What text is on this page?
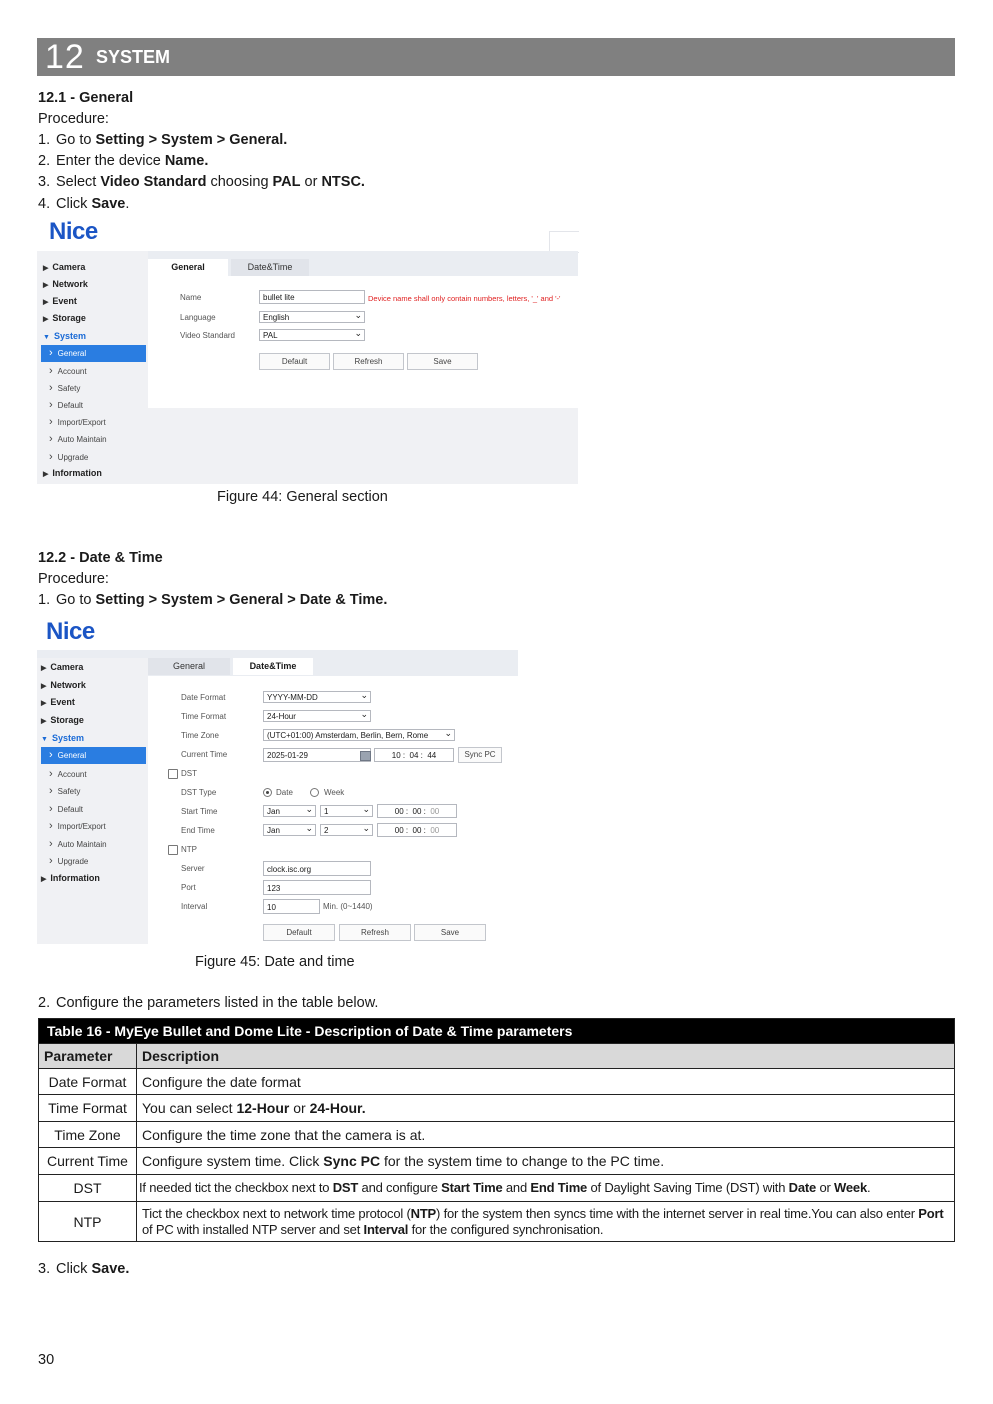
12 SYSTEM
12.1 - General
Procedure:
1. Go to Setting > System > General.
2. Enter the device Name.
3. Select Video Standard choosing PAL or NTSC.
4. Click Save.
Nice
▶ Camera
▶ Network
▶ Event
▶ Storage
▼ System
› General
› Account
› Safety
› Default
› Import/Export
› Auto Maintain
› Upgrade
▶ Information
General	Date&Time
Name	bullet lite	Device name shall only contain numbers, letters, '_' and '-'
Language	English ⌄
Video Standard	PAL ⌄
Default	Refresh	Save
Figure 44: General section
12.2 - Date & Time
Procedure:
1. Go to Setting > System > General > Date & Time.
Nice
▶ Camera
▶ Network
▶ Event
▶ Storage
▼ System
› General
› Account
› Safety
› Default
› Import/Export
› Auto Maintain
› Upgrade
▶ Information
General	Date&Time
Date Format	YYYY-MM-DD ⌄
Time Format	24-Hour ⌄
Time Zone	(UTC+01:00) Amsterdam, Berlin, Bern, Rome ⌄
Current Time	2025-01-29	10 :  04 :  44	Sync PC
DST
DST Type	Date	Week
Start Time	Jan ⌄	1 ⌄	00 :  00 :  00
End Time	Jan ⌄	2 ⌄	00 :  00 :  00
NTP
Server	clock.isc.org
Port	123
Interval	10	Min. (0~1440)
Default	Refresh	Save
Figure 45: Date and time
2. Configure the parameters listed in the table below.
Table 16 - MyEye Bullet and Dome Lite - Description of Date & Time parameters	
Parameter	Description
Date Format	Configure the date format
Time Format	You can select 12-Hour or 24-Hour.
Time Zone	Configure the time zone that the camera is at.
Current Time	Configure system time. Click Sync PC for the system time to change to the PC time.
DST	If needed tict the checkbox next to DST and configure Start Time and End Time of Daylight Saving Time (DST) with Date or Week.
NTP	Tict the checkbox next to network time protocol (NTP) for the system then syncs time with the internet server in real time.You can also enter Port of PC with installed NTP server and set Interval for the configured synchronisation.
3. Click Save.
30
